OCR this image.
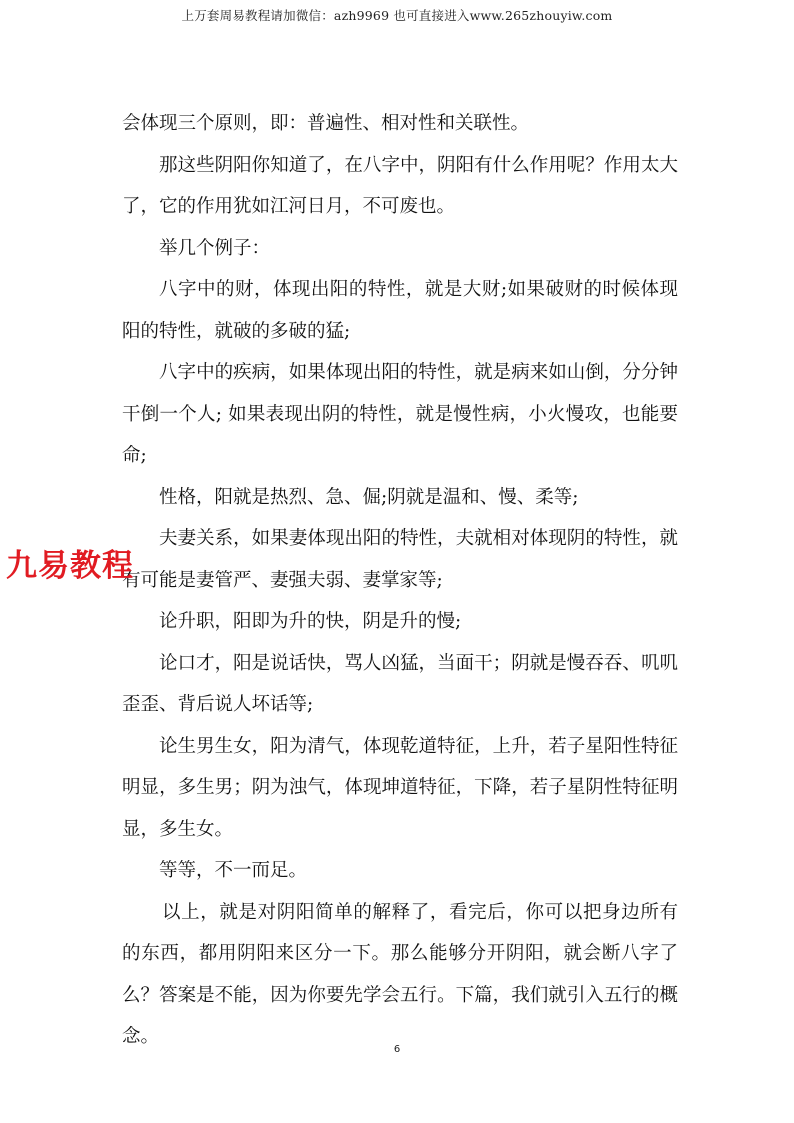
上万套周易教程请加微信：azh9969 也可直接进入www.265zhouyiw.com
九易教程

会体现三个原则，即：普遍性、相对性和关联性。

那这些阴阳你知道了，在八字中，阴阳有什么作用呢？作用太大了，它的作用犹如江河日月，不可废也。

举几个例子：

八字中的财，体现出阳的特性，就是大财;如果破财的时候体现阳的特性，就破的多破的猛;

八字中的疾病，如果体现出阳的特性，就是病来如山倒，分分钟干倒一个人; 如果表现出阴的特性，就是慢性病，小火慢攻，也能要命;

性格，阳就是热烈、急、倔;阴就是温和、慢、柔等;

夫妻关系，如果妻体现出阳的特性，夫就相对体现阴的特性，就有可能是妻管严、妻强夫弱、妻掌家等;

论升职，阳即为升的快，阴是升的慢;

论口才，阳是说话快，骂人凶猛，当面干；阴就是慢吞吞、叽叽歪歪、背后说人坏话等;

论生男生女，阳为清气，体现乾道特征，上升，若子星阳性特征明显，多生男；阴为浊气，体现坤道特征，下降，若子星阴性特征明显，多生女。

等等，不一而足。

以上，就是对阴阳简单的解释了，看完后，你可以把身边所有的东西，都用阴阳来区分一下。那么能够分开阴阳，就会断八字了么？答案是不能，因为你要先学会五行。下篇，我们就引入五行的概念。

6
